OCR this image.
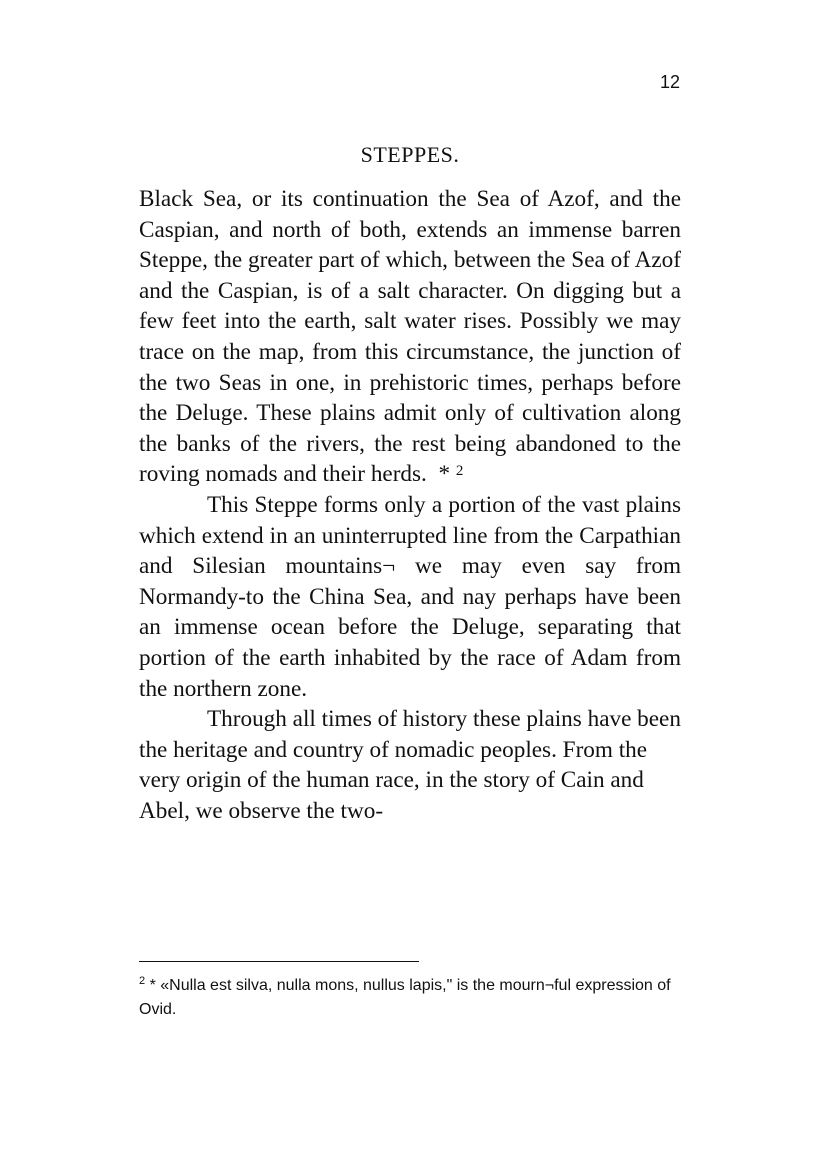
12
STEPPES.

Black Sea, or its continuation the Sea of Azof, and the Caspian, and north of both, extends an immense barren Steppe, the greater part of which, between the Sea of Azof and the Caspian, is of a salt character. On digging but a few feet into the earth, salt water rises. Possibly we may trace on the map, from this circumstance, the junction of the two Seas in one, in prehistoric times, perhaps before the Deluge. These plains admit only of cultivation along the banks of the rivers, the rest being abandoned to the roving nomads and their herds. * $^2$

This Steppe forms only a portion of the vast plains which extend in an uninterrupted line from the Carpathian and Silesian mountains¬ we may even say from Normandy-to the China Sea, and nay perhaps have been an immense ocean before the Deluge, separating that portion of the earth inhabited by the race of Adam from the northern zone.

Through all times of history these plains have been the heritage and country of nomadic peoples. From the very origin of the human race, in the story of Cain and Abel, we observe the two-

$^2$ * «Nulla est silva, nulla mons, nullus lapis," is the mourn¬ful expression of Ovid.
